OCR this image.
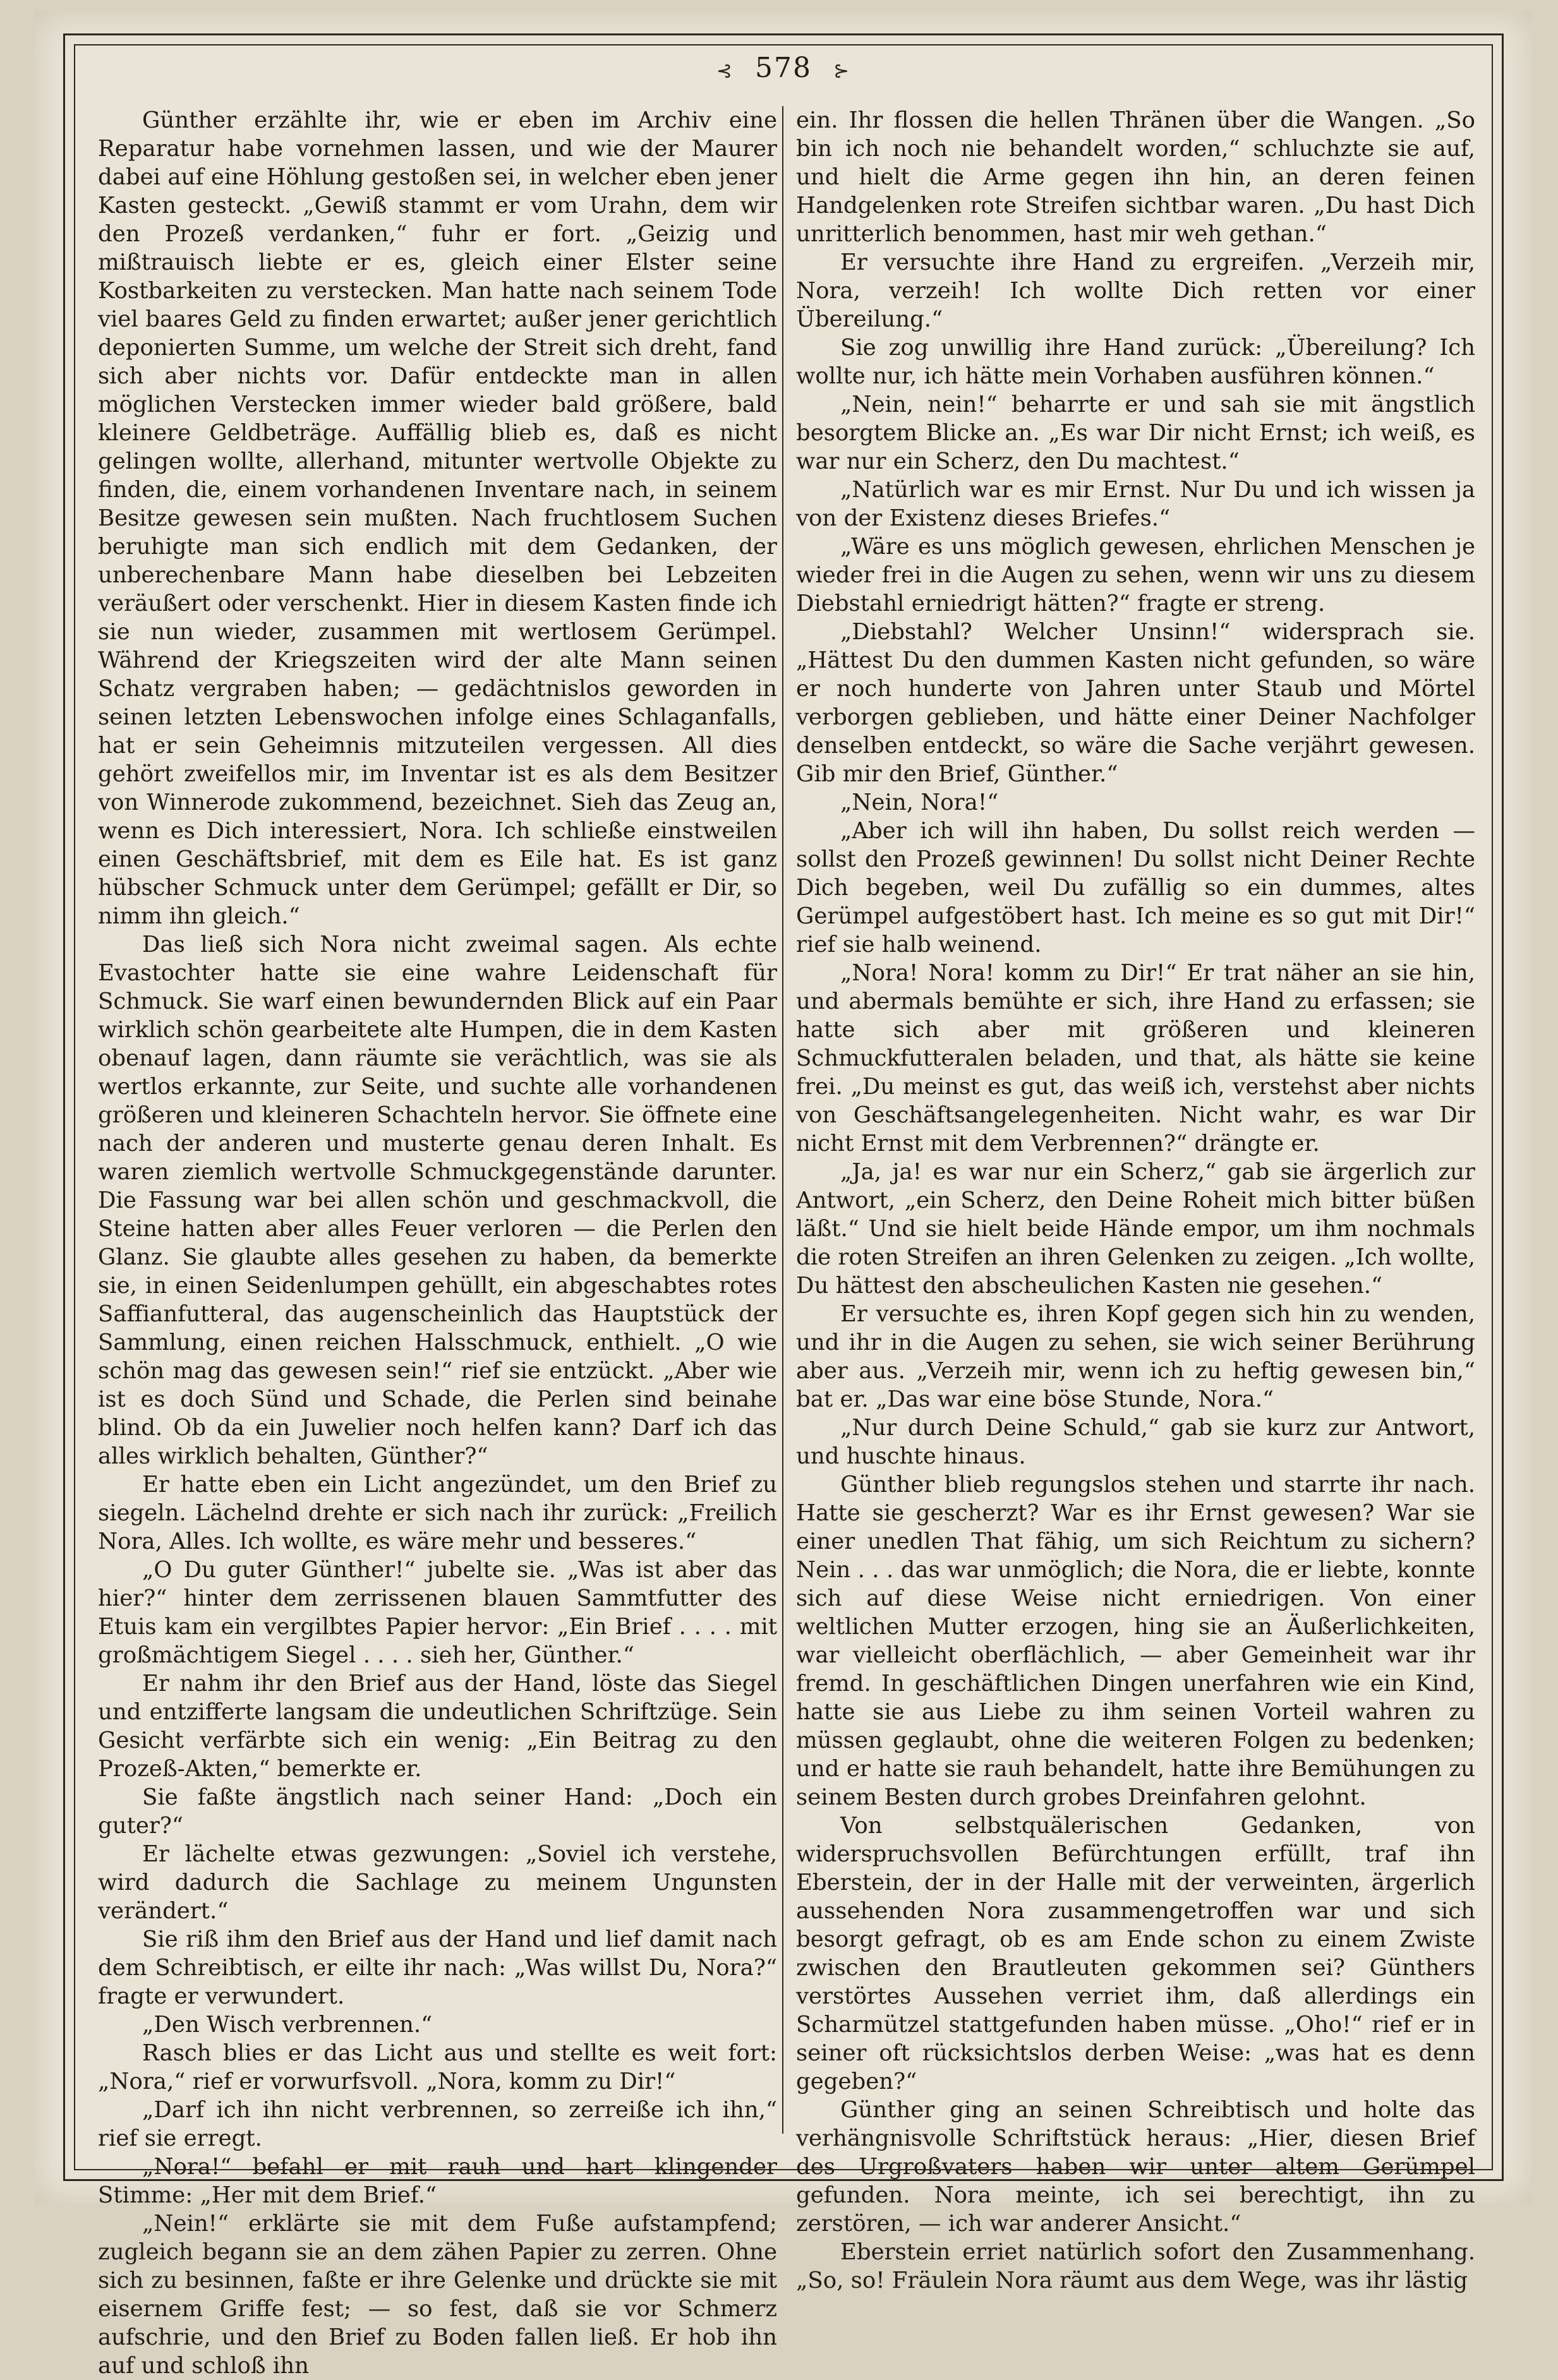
⊰ 578 ⊱

Günther erzählte ihr, wie er eben im Archiv eine Reparatur habe vornehmen lassen, und wie der Maurer dabei auf eine Höhlung gestoßen sei, in welcher eben jener Kasten gesteckt. „Gewiß stammt er vom Urahn, dem wir den Prozeß verdanken,“ fuhr er fort. „Geizig und mißtrauisch liebte er es, gleich einer Elster seine Kostbarkeiten zu verstecken. Man hatte nach seinem Tode viel baares Geld zu finden erwartet; außer jener gerichtlich deponierten Summe, um welche der Streit sich dreht, fand sich aber nichts vor. Dafür entdeckte man in allen möglichen Verstecken immer wieder bald größere, bald kleinere Geldbeträge. Auffällig blieb es, daß es nicht gelingen wollte, allerhand, mitunter wertvolle Objekte zu finden, die, einem vorhandenen Inventare nach, in seinem Besitze gewesen sein mußten. Nach fruchtlosem Suchen beruhigte man sich endlich mit dem Gedanken, der unberechenbare Mann habe dieselben bei Lebzeiten veräußert oder verschenkt. Hier in diesem Kasten finde ich sie nun wieder, zusammen mit wertlosem Gerümpel. Während der Kriegszeiten wird der alte Mann seinen Schatz vergraben haben; — gedächtnislos geworden in seinen letzten Lebenswochen infolge eines Schlaganfalls, hat er sein Geheimnis mitzuteilen vergessen. All dies gehört zweifellos mir, im Inventar ist es als dem Besitzer von Winnerode zukommend, bezeichnet. Sieh das Zeug an, wenn es Dich interessiert, Nora. Ich schließe einstweilen einen Geschäftsbrief, mit dem es Eile hat. Es ist ganz hübscher Schmuck unter dem Gerümpel; gefällt er Dir, so nimm ihn gleich.“

Das ließ sich Nora nicht zweimal sagen. Als echte Evastochter hatte sie eine wahre Leidenschaft für Schmuck. Sie warf einen bewundernden Blick auf ein Paar wirklich schön gearbeitete alte Humpen, die in dem Kasten obenauf lagen, dann räumte sie verächtlich, was sie als wertlos erkannte, zur Seite, und suchte alle vorhandenen größeren und kleineren Schachteln hervor. Sie öffnete eine nach der anderen und musterte genau deren Inhalt. Es waren ziemlich wertvolle Schmuckgegenstände darunter. Die Fassung war bei allen schön und geschmackvoll, die Steine hatten aber alles Feuer verloren — die Perlen den Glanz. Sie glaubte alles gesehen zu haben, da bemerkte sie, in einen Seidenlumpen gehüllt, ein abgeschabtes rotes Saffianfutteral, das augenscheinlich das Hauptstück der Sammlung, einen reichen Halsschmuck, enthielt. „O wie schön mag das gewesen sein!“ rief sie entzückt. „Aber wie ist es doch Sünd und Schade, die Perlen sind beinahe blind. Ob da ein Juwelier noch helfen kann? Darf ich das alles wirklich behalten, Günther?“

Er hatte eben ein Licht angezündet, um den Brief zu siegeln. Lächelnd drehte er sich nach ihr zurück: „Freilich Nora, Alles. Ich wollte, es wäre mehr und besseres.“

„O Du guter Günther!“ jubelte sie. „Was ist aber das hier?“ hinter dem zerrissenen blauen Sammtfutter des Etuis kam ein vergilbtes Papier hervor: „Ein Brief . . . . mit großmächtigem Siegel . . . . sieh her, Günther.“

Er nahm ihr den Brief aus der Hand, löste das Siegel und entzifferte langsam die undeutlichen Schriftzüge. Sein Gesicht verfärbte sich ein wenig: „Ein Beitrag zu den Prozeß-Akten,“ bemerkte er.

Sie faßte ängstlich nach seiner Hand: „Doch ein guter?“

Er lächelte etwas gezwungen: „Soviel ich verstehe, wird dadurch die Sachlage zu meinem Ungunsten verändert.“

Sie riß ihm den Brief aus der Hand und lief damit nach dem Schreibtisch, er eilte ihr nach: „Was willst Du, Nora?“ fragte er verwundert.

„Den Wisch verbrennen.“

Rasch blies er das Licht aus und stellte es weit fort: „Nora,“ rief er vorwurfsvoll. „Nora, komm zu Dir!“

„Darf ich ihn nicht verbrennen, so zerreiße ich ihn,“ rief sie erregt.

„Nora!“ befahl er mit rauh und hart klingender Stimme: „Her mit dem Brief.“

„Nein!“ erklärte sie mit dem Fuße aufstampfend; zugleich begann sie an dem zähen Papier zu zerren. Ohne sich zu besinnen, faßte er ihre Gelenke und drückte sie mit eisernem Griffe fest; — so fest, daß sie vor Schmerz aufschrie, und den Brief zu Boden fallen ließ. Er hob ihn auf und schloß ihn

ein. Ihr flossen die hellen Thränen über die Wangen. „So bin ich noch nie behandelt worden,“ schluchzte sie auf, und hielt die Arme gegen ihn hin, an deren feinen Handgelenken rote Streifen sichtbar waren. „Du hast Dich unritterlich benommen, hast mir weh gethan.“

Er versuchte ihre Hand zu ergreifen. „Verzeih mir, Nora, verzeih! Ich wollte Dich retten vor einer Übereilung.“

Sie zog unwillig ihre Hand zurück: „Übereilung? Ich wollte nur, ich hätte mein Vorhaben ausführen können.“

„Nein, nein!“ beharrte er und sah sie mit ängstlich besorgtem Blicke an. „Es war Dir nicht Ernst; ich weiß, es war nur ein Scherz, den Du machtest.“

„Natürlich war es mir Ernst. Nur Du und ich wissen ja von der Existenz dieses Briefes.“

„Wäre es uns möglich gewesen, ehrlichen Menschen je wieder frei in die Augen zu sehen, wenn wir uns zu diesem Diebstahl erniedrigt hätten?“ fragte er streng.

„Diebstahl? Welcher Unsinn!“ widersprach sie. „Hättest Du den dummen Kasten nicht gefunden, so wäre er noch hunderte von Jahren unter Staub und Mörtel verborgen geblieben, und hätte einer Deiner Nachfolger denselben entdeckt, so wäre die Sache verjährt gewesen. Gib mir den Brief, Günther.“

„Nein, Nora!“

„Aber ich will ihn haben, Du sollst reich werden — sollst den Prozeß gewinnen! Du sollst nicht Deiner Rechte Dich begeben, weil Du zufällig so ein dummes, altes Gerümpel aufgestöbert hast. Ich meine es so gut mit Dir!“ rief sie halb weinend.

„Nora! Nora! komm zu Dir!“ Er trat näher an sie hin, und abermals bemühte er sich, ihre Hand zu erfassen; sie hatte sich aber mit größeren und kleineren Schmuckfutteralen beladen, und that, als hätte sie keine frei. „Du meinst es gut, das weiß ich, verstehst aber nichts von Geschäftsangelegenheiten. Nicht wahr, es war Dir nicht Ernst mit dem Verbrennen?“ drängte er.

„Ja, ja! es war nur ein Scherz,“ gab sie ärgerlich zur Antwort, „ein Scherz, den Deine Roheit mich bitter büßen läßt.“ Und sie hielt beide Hände empor, um ihm nochmals die roten Streifen an ihren Gelenken zu zeigen. „Ich wollte, Du hättest den abscheulichen Kasten nie gesehen.“

Er versuchte es, ihren Kopf gegen sich hin zu wenden, und ihr in die Augen zu sehen, sie wich seiner Berührung aber aus. „Verzeih mir, wenn ich zu heftig gewesen bin,“ bat er. „Das war eine böse Stunde, Nora.“

„Nur durch Deine Schuld,“ gab sie kurz zur Antwort, und huschte hinaus.

Günther blieb regungslos stehen und starrte ihr nach. Hatte sie gescherzt? War es ihr Ernst gewesen? War sie einer unedlen That fähig, um sich Reichtum zu sichern? Nein . . . das war unmöglich; die Nora, die er liebte, konnte sich auf diese Weise nicht erniedrigen. Von einer weltlichen Mutter erzogen, hing sie an Äußerlichkeiten, war vielleicht oberflächlich, — aber Gemeinheit war ihr fremd. In geschäftlichen Dingen unerfahren wie ein Kind, hatte sie aus Liebe zu ihm seinen Vorteil wahren zu müssen geglaubt, ohne die weiteren Folgen zu bedenken; und er hatte sie rauh behandelt, hatte ihre Bemühungen zu seinem Besten durch grobes Dreinfahren gelohnt.

Von selbstquälerischen Gedanken, von widerspruchsvollen Befürchtungen erfüllt, traf ihn Eberstein, der in der Halle mit der verweinten, ärgerlich aussehenden Nora zusammengetroffen war und sich besorgt gefragt, ob es am Ende schon zu einem Zwiste zwischen den Brautleuten gekommen sei? Günthers verstörtes Aussehen verriet ihm, daß allerdings ein Scharmützel stattgefunden haben müsse. „Oho!“ rief er in seiner oft rücksichtslos derben Weise: „was hat es denn gegeben?“

Günther ging an seinen Schreibtisch und holte das verhängnisvolle Schriftstück heraus: „Hier, diesen Brief des Urgroßvaters haben wir unter altem Gerümpel gefunden. Nora meinte, ich sei berechtigt, ihn zu zerstören, — ich war anderer Ansicht.“

Eberstein erriet natürlich sofort den Zusammenhang. „So, so! Fräulein Nora räumt aus dem Wege, was ihr lästig
